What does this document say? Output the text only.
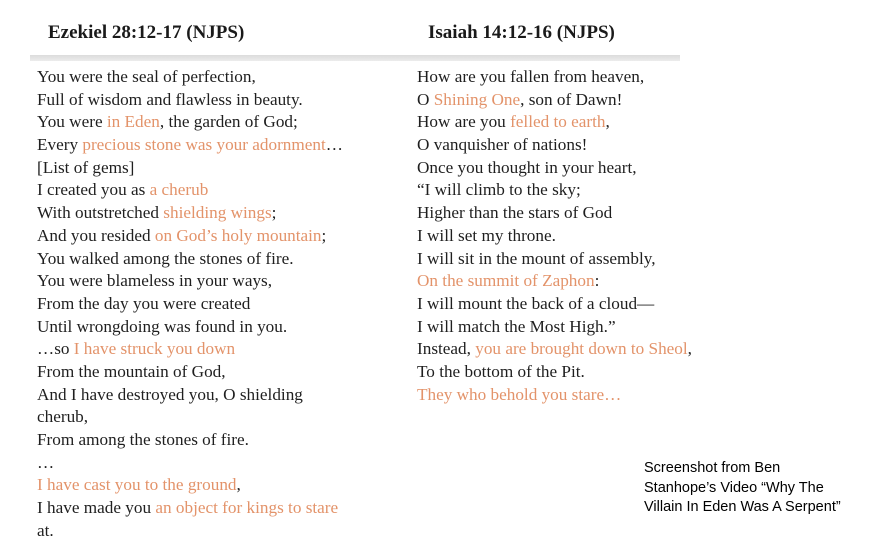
Ezekiel 28:12-17 (NJPS)	Isaiah 14:12-16 (NJPS)
You were the seal of perfection,
Full of wisdom and flawless in beauty.
You were in Eden, the garden of God;
Every precious stone was your adornment…
[List of gems]
I created you as a cherub
With outstretched shielding wings;
And you resided on God’s holy mountain;
You walked among the stones of fire.
You were blameless in your ways,
From the day you were created
Until wrongdoing was found in you.
…so I have struck you down
From the mountain of God,
And I have destroyed you, O shielding
cherub,
From among the stones of fire.
…
I have cast you to the ground,
I have made you an object for kings to stare
at.
How are you fallen from heaven,
O Shining One, son of Dawn!
How are you felled to earth,
O vanquisher of nations!
Once you thought in your heart,
“I will climb to the sky;
Higher than the stars of God
I will set my throne.
I will sit in the mount of assembly,
On the summit of Zaphon:
I will mount the back of a cloud—
I will match the Most High.”
Instead, you are brought down to Sheol,
To the bottom of the Pit.
They who behold you stare…
Screenshot from Ben
Stanhope’s Video “Why The
Villain In Eden Was A Serpent”
